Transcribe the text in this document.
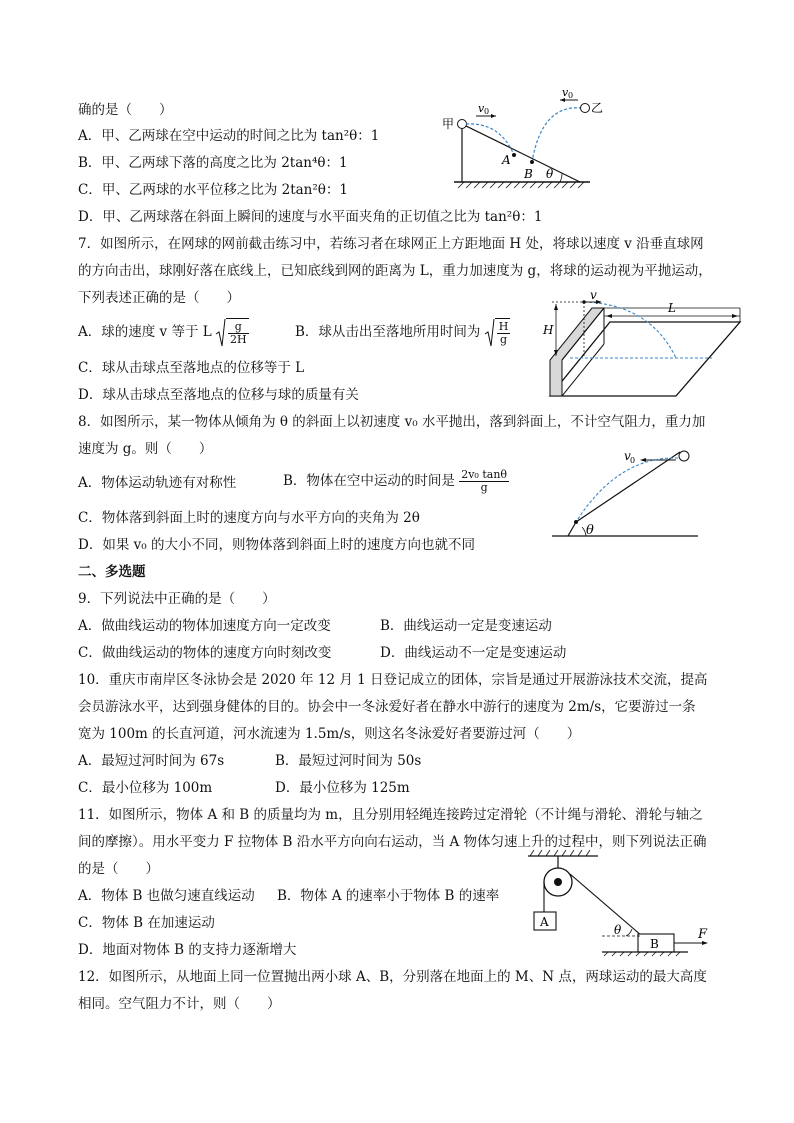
确的是（　　）
A．甲、乙两球在空中运动的时间之比为 tan²θ：1
B．甲、乙两球下落的高度之比为 2tan⁴θ：1
C．甲、乙两球的水平位移之比为 2tan²θ：1
D．甲、乙两球落在斜面上瞬间的速度与水平面夹角的正切值之比为 tan²θ：1
甲
乙
v 0
v 0
A
B θ
7．如图所示，在网球的网前截击练习中，若练习者在球网正上方距地面 H 处，将球以速度 v 沿垂直球网
的方向击出，球刚好落在底线上，已知底线到网的距离为 L，重力加速度为 g，将球的运动视为平抛运动，
下列表述正确的是（　　）
A．球的速度 v 等于 L $\frac{g}{2H}$	B．球从击出至落地所用时间为 $\frac{H}{g}$
C．球从击球点至落地点的位移等于 L
D．球从击球点至落地点的位移与球的质量有关
v
H
L
8．如图所示，某一物体从倾角为 θ 的斜面上以初速度 v₀ 水平抛出，落到斜面上，不计空气阻力，重力加
速度为 g。则（　　）
A．物体运动轨迹有对称性	B．物体在空中运动的时间是 $\frac{\text{2v₀ tanθ}}{g}$
C．物体落到斜面上时的速度方向与水平方向的夹角为 2θ
D．如果 v₀ 的大小不同，则物体落到斜面上时的速度方向也就不同
v 0
θ
二、多选题
9．下列说法中正确的是（　　）
A．做曲线运动的物体加速度方向一定改变	B．曲线运动一定是变速运动
C．做曲线运动的物体的速度方向时刻改变	D．曲线运动不一定是变速运动
10．重庆市南岸区冬泳协会是 2020 年 12 月 1 日登记成立的团体，宗旨是通过开展游泳技术交流，提高
会员游泳水平，达到强身健体的目的。协会中一冬泳爱好者在静水中游行的速度为 2m/s，它要游过一条
宽为 100m 的长直河道，河水流速为 1.5m/s，则这名冬泳爱好者要游过河（　　）
A．最短过河时间为 67s	B．最短过河时间为 50s
C．最小位移为 100m	D．最小位移为 125m
11．如图所示，物体 A 和 B 的质量均为 m，且分别用轻绳连接跨过定滑轮（不计绳与滑轮、滑轮与轴之
间的摩擦）。用水平变力 F 拉物体 B 沿水平方向向右运动，当 A 物体匀速上升的过程中，则下列说法正确
的是（　　）
A．物体 B 也做匀速直线运动 B．物体 A 的速率小于物体 B 的速率
C．物体 B 在加速运动
D．地面对物体 B 的支持力逐渐增大
A
B
θ	F
12．如图所示，从地面上同一位置抛出两小球 A、B，分别落在地面上的 M、N 点，两球运动的最大高度
相同。空气阻力不计，则（　　）
